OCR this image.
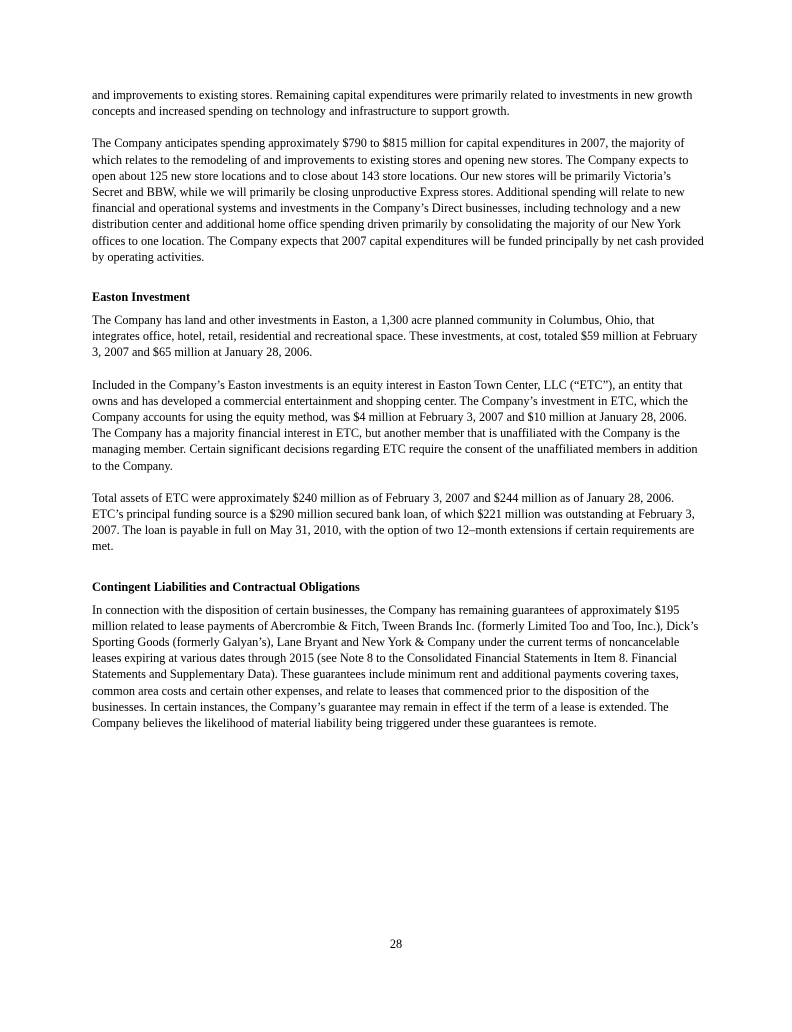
and improvements to existing stores. Remaining capital expenditures were primarily related to investments in new growth concepts and increased spending on technology and infrastructure to support growth.

The Company anticipates spending approximately $790 to $815 million for capital expenditures in 2007, the majority of which relates to the remodeling of and improvements to existing stores and opening new stores. The Company expects to open about 125 new store locations and to close about 143 store locations. Our new stores will be primarily Victoria’s Secret and BBW, while we will primarily be closing unproductive Express stores. Additional spending will relate to new financial and operational systems and investments in the Company’s Direct businesses, including technology and a new distribution center and additional home office spending driven primarily by consolidating the majority of our New York offices to one location. The Company expects that 2007 capital expenditures will be funded principally by net cash provided by operating activities.

Easton Investment

The Company has land and other investments in Easton, a 1,300 acre planned community in Columbus, Ohio, that integrates office, hotel, retail, residential and recreational space. These investments, at cost, totaled $59 million at February 3, 2007 and $65 million at January 28, 2006.

Included in the Company’s Easton investments is an equity interest in Easton Town Center, LLC (“ETC”), an entity that owns and has developed a commercial entertainment and shopping center. The Company’s investment in ETC, which the Company accounts for using the equity method, was $4 million at February 3, 2007 and $10 million at January 28, 2006. The Company has a majority financial interest in ETC, but another member that is unaffiliated with the Company is the managing member. Certain significant decisions regarding ETC require the consent of the unaffiliated members in addition to the Company.

Total assets of ETC were approximately $240 million as of February 3, 2007 and $244 million as of January 28, 2006. ETC’s principal funding source is a $290 million secured bank loan, of which $221 million was outstanding at February 3, 2007. The loan is payable in full on May 31, 2010, with the option of two 12–month extensions if certain requirements are met.

Contingent Liabilities and Contractual Obligations

In connection with the disposition of certain businesses, the Company has remaining guarantees of approximately $195 million related to lease payments of Abercrombie & Fitch, Tween Brands Inc. (formerly Limited Too and Too, Inc.), Dick’s Sporting Goods (formerly Galyan’s), Lane Bryant and New York & Company under the current terms of noncancelable leases expiring at various dates through 2015 (see Note 8 to the Consolidated Financial Statements in Item 8. Financial Statements and Supplementary Data). These guarantees include minimum rent and additional payments covering taxes, common area costs and certain other expenses, and relate to leases that commenced prior to the disposition of the businesses. In certain instances, the Company’s guarantee may remain in effect if the term of a lease is extended. The Company believes the likelihood of material liability being triggered under these guarantees is remote.

28
